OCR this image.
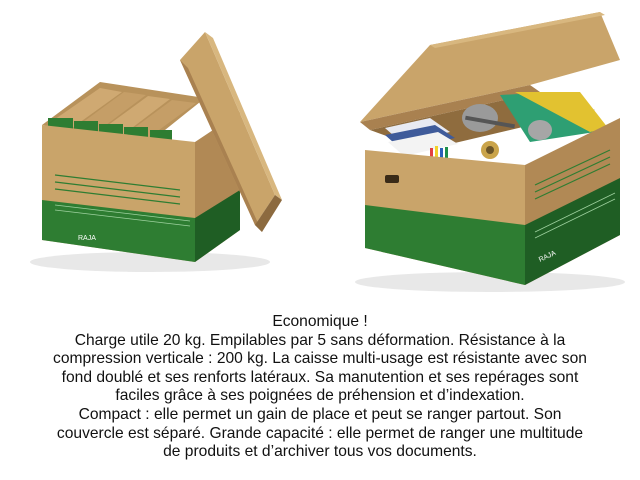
RAJA
RAJA

Economique !

Charge utile 20 kg. Empilables par 5 sans déformation. Résistance à la

compression verticale : 200 kg. La caisse multi-usage est résistante avec son

fond doublé et ses renforts latéraux. Sa manutention et ses repérages sont

faciles grâce à ses poignées de préhension et d’indexation.

Compact : elle permet un gain de place et peut se ranger partout. Son

couvercle est séparé. Grande capacité : elle permet de ranger une multitude

de produits et d’archiver tous vos documents.
